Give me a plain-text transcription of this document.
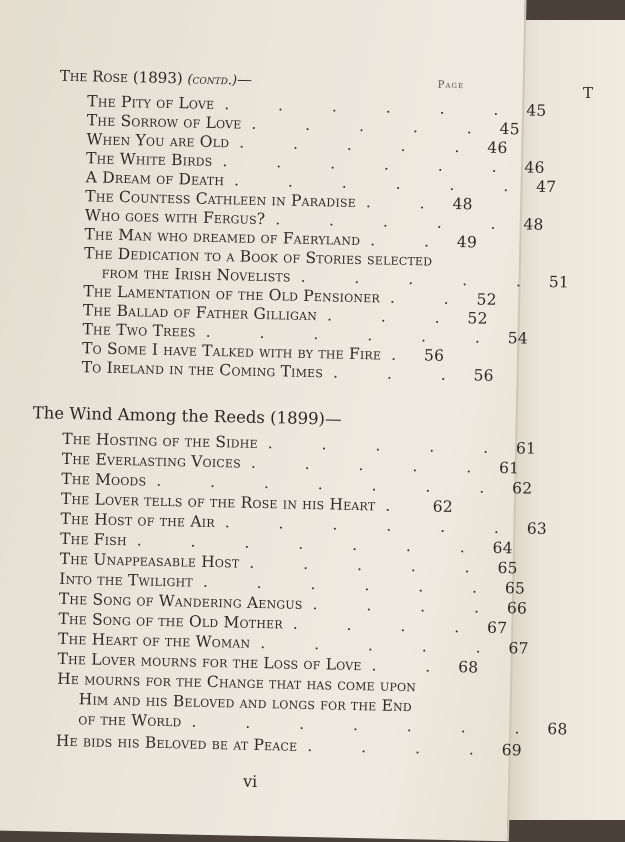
T
The Rose (1893) (contd.)—	Page
The Pity of Love . . . . . . 45
The Sorrow of Love . . . . . 45
When You are Old . . . . . 46
The White Birds . . . . . . 46
A Dream of Death . . . . . . 47
The Countess Cathleen in Paradise . . 48
Who goes with Fergus? . . . . . 48
The Man who dreamed of Faeryland . . 49
The Dedication to a Book of Stories selected
from the Irish Novelists . . . . . 51
The Lamentation of the Old Pensioner . . 52
The Ballad of Father Gilligan . . . 52
The Two Trees . . . . . . 54
To Some I have Talked with by the Fire . 56
To Ireland in the Coming Times . . . 56
The Wind Among the Reeds (1899)—
The Hosting of the Sidhe . . . . . 61
The Everlasting Voices . . . . . 61
The Moods . . . . . . . 62
The Lover tells of the Rose in his Heart .	62
The Host of the Air . . . . . . 63
The Fish . . . . . . . 64
The Unappeasable Host . . . . . 65
Into the Twilight . . . . . . 65
The Song of Wandering Aengus . . . . 66
The Song of the Old Mother . . . . 67
The Heart of the Woman . . . . . 67
The Lover mourns for the Loss of Love . . 68
He mourns for the Change that has come upon
Him and his Beloved and longs for the End
of the World . . . . . . . 68
He bids his Beloved be at Peace . . . . 69
vi
